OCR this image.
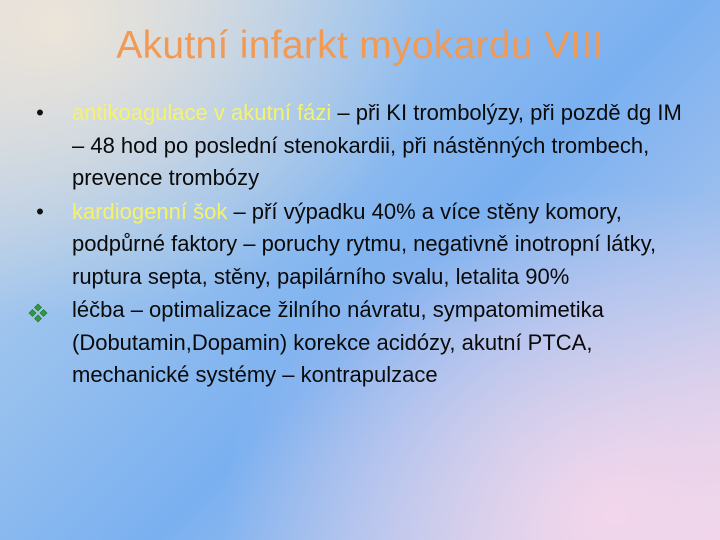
Akutní infarkt myokardu VIII
• antikoagulace v akutní fázi – při KI trombolýzy, při pozdě dg IM – 48 hod po poslední stenokardii, při nástěnných trombech, prevence trombózy
• kardiogenní šok – pří výpadku 40% a více stěny komory, podpůrné faktory – poruchy rytmu, negativně inotropní látky, ruptura septa, stěny, papilárního svalu, letalita 90%
léčba – optimalizace žilního návratu, sympatomimetika (Dobutamin,Dopamin) korekce acidózy, akutní PTCA, mechanické systémy – kontrapulzace
